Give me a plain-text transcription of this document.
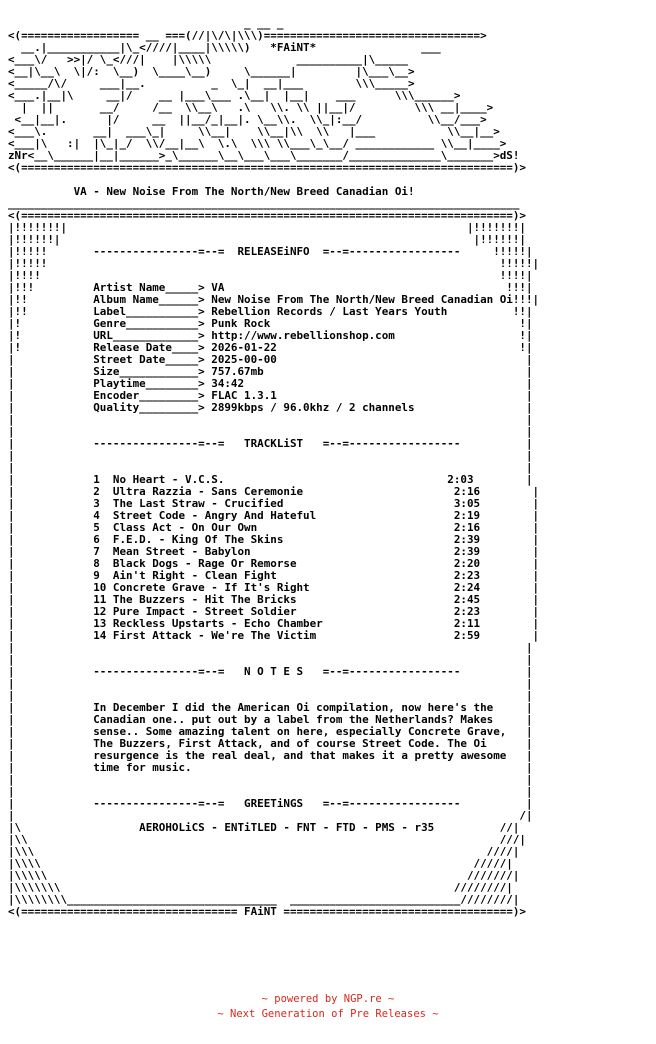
_ __ _
<(================== __ ===(//|\/\|\\\)=================================>
__.|___________|\_<////|____|\\\\\)   *FAiNT*                ___
<___\/   >>|/ \_<///|    |\\\\\             __________|\_____
<__|\__\  \|/:  \__)  \____\__)     \______|         |\___\__>
<_____/\/     ___|__.          _  \_|  __|___        \\\_____>
<___.|__|\     __|/    __ |___\___ .\__|  |__|    ___      \\\______>
|  ||       __/     /__  \\__\   .\   \\. \\ ||__|/         \\\ __|____>
<__|__|.      |/     __  ||__/_|__|. \__\\.  \\_|:__/          \\__/___>
<___\.       __|  ___\_|     \\__|    \\__|\\  \\   |___           \\__|__>
<___|\   :|  |\_|_/  \\/__|__\  \.\  \\\ \\___\_\__/ ____________ \\__|____>
zNr<__\______|__|______>_\______\__\___\___\_______/______________\_______>dS!
<(===========================================================================)>

VA - New Noise From The North/New Breed Canadian Oi!
______________________________________________________________________________
<(===========================================================================)>
|!!!!!!!|                                                             |!!!!!!!|
|!!!!!!|                                                               |!!!!!!|
|!!!!!       ----------------=--=  RELEASEiNFO  =--=-----------------     !!!!!|
|!!!!!                                                                     !!!!!|
|!!!!                                                                      !!!!|
|!!!         Artist Name_____> VA                                           !!!|
|!!          Album Name______> New Noise From The North/New Breed Canadian Oi!!!|
|!!          Label___________> Rebellion Records / Last Years Youth          !!|
|!           Genre___________> Punk Rock                                      !|
|!           URL_____________> http://www.rebellionshop.com                   !|
|!           Release Date____> 2026-01-22                                     !|
|            Street Date_____> 2025-00-00                                      |
|            Size____________> 757.67mb                                        |
|            Playtime________> 34:42                                           |
|            Encoder_________> FLAC 1.3.1                                      |
|            Quality_________> 2899kbps / 96.0khz / 2 channels                 |
|                                                                              |
|                                                                              |
|            ----------------=--=   TRACKLiST   =--=-----------------          |
|                                                                              |
|                                                                              |
|            1  No Heart - V.C.S.                                  2:03        |
|            2  Ultra Razzia - Sans Ceremonie                       2:16        |
|            3  The Last Straw - Crucified                          3:05        |
|            4  Street Code - Angry And Hateful                     2:19        |
|            5  Class Act - On Our Own                              2:16        |
|            6  F.E.D. - King Of The Skins                          2:39        |
|            7  Mean Street - Babylon                               2:39        |
|            8  Black Dogs - Rage Or Remorse                        2:20        |
|            9  Ain't Right - Clean Fight                           2:23        |
|            10 Concrete Grave - If It's Right                      2:24        |
|            11 The Buzzers - Hit The Bricks                        2:45        |
|            12 Pure Impact - Street Soldier                        2:23        |
|            13 Reckless Upstarts - Echo Chamber                    2:11        |
|            14 First Attack - We're The Victim                     2:59        |
|                                                                              |
|                                                                              |
|            ----------------=--=   N O T E S   =--=-----------------          |
|                                                                              |
|                                                                              |
|            In December I did the American Oi compilation, now here's the     |
|            Canadian one.. put out by a label from the Netherlands? Makes     |
|            sense.. Some amazing talent on here, especially Concrete Grave,   |
|            The Buzzers, First Attack, and of course Street Code. The Oi      |
|            resurgence is the real deal, and that makes it a pretty awesome   |
|            time for music.                                                   |
|                                                                              |
|                                                                              |
|            ----------------=--=   GREETiNGS   =--=-----------------          |
|                                                                             /|
|\                  AEROHOLiCS - ENTiTLED - FNT - FTD - PMS - r35          //|
|\\                                                                        ///|
|\\\                                                                     ////|
|\\\\                                                                  /////|
|\\\\\                                                                ///////|
|\\\\\\\                                                            ////////|
|\\\\\\\\________________________________  __________________________////////|
<(================================= FAiNT ===================================)>
~ powered by NGP.re ~
~ Next Generation of Pre Releases ~
